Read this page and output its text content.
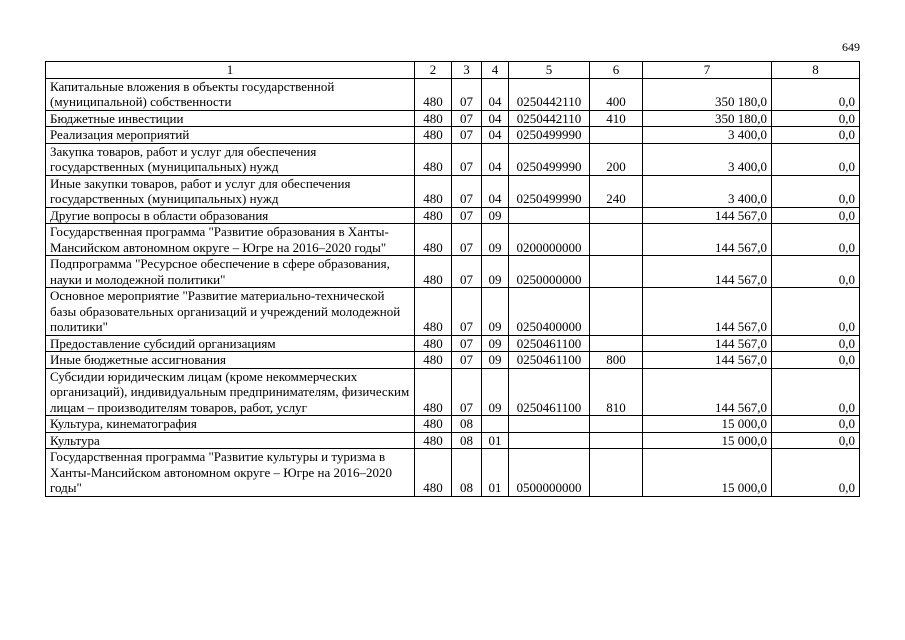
649
1	2	3	4	5	6	7	8
Капитальные вложения в объекты государственной (муниципальной) собственности	480	07	04	0250442110	400	350 180,0	0,0
Бюджетные инвестиции	480	07	04	0250442110	410	350 180,0	0,0
Реализация мероприятий	480	07	04	0250499990		3 400,0	0,0
Закупка товаров, работ и услуг для обеспечения государственных (муниципальных) нужд	480	07	04	0250499990	200	3 400,0	0,0
Иные закупки товаров, работ и услуг для обеспечения государственных (муниципальных) нужд	480	07	04	0250499990	240	3 400,0	0,0
Другие вопросы в области образования	480	07	09			144 567,0	0,0
Государственная программа "Развитие образования в Ханты-Мансийском автономном округе – Югре на 2016–2020 годы"	480	07	09	0200000000		144 567,0	0,0
Подпрограмма "Ресурсное обеспечение в сфере образования, науки и молодежной политики"	480	07	09	0250000000		144 567,0	0,0
Основное мероприятие "Развитие материально-технической базы образовательных организаций и учреждений молодежной политики"	480	07	09	0250400000		144 567,0	0,0
Предоставление субсидий организациям	480	07	09	0250461100		144 567,0	0,0
Иные бюджетные ассигнования	480	07	09	0250461100	800	144 567,0	0,0
Субсидии юридическим лицам (кроме некоммерческих организаций), индивидуальным предпринимателям, физическим лицам – производителям товаров, работ, услуг	480	07	09	0250461100	810	144 567,0	0,0
Культура, кинематография	480	08				15 000,0	0,0
Культура	480	08	01			15 000,0	0,0
Государственная программа "Развитие культуры и туризма в Ханты-Мансийском автономном округе – Югре на 2016–2020 годы"	480	08	01	0500000000		15 000,0	0,0
